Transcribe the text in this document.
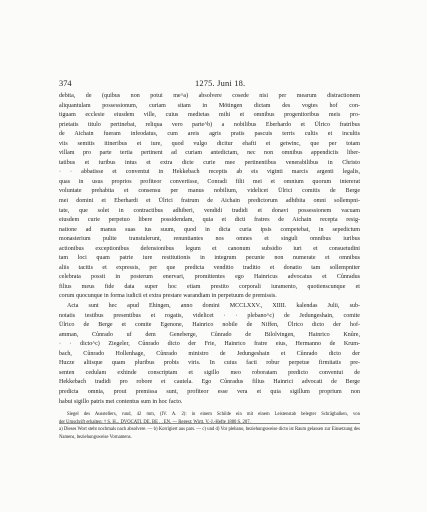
374	1275. Juni 18.
debita, de (quibus non potui me^a) absolvere cosede nisi per mearum distractionem
aliquantulam possessionum, curiam sitam in Mötingen dictam des vogtes hof con-
tiguam ecclesie eiusdem ville, cuius medietas mihi et omnibus progenitoribus meis pro-
prietatis titulo pertinebat, reliqua vero parte^b) a nobilibus Eberhardo et Ülrico fratribus
de Aichain fueram infeodatus, cum areis agris pratis pascuis terris cultis et incultis
viis semitis itineribus et iure, quod vulgo dicitur ehafti et getwinc, que per totam
villam pro parte tertia pertinent ad curiam antedictam, nec non omnibus appendiciis liber-
tatibus et iuribus intus et extra dicte curie mee pertinentibus venerabilibus in Christo
· · abbatisse et conventui in Hekkebach receptis ab eis viginti marcis argenti legalis,
quas in usus proprios profiteor convertisse, Conradi filii mei et omnium quorum intererat
voluntate prehabita et consensu per manus nobilium, videlicet Ülrici comitis de Berge
mei domini et Eberhardi et Ülrici fratrum de Aichain predictorum adhibita omni sollempni-
tate, que solet in contractibus adhiberi, vendidi tradidi et donavi possessionem vacuam
eiusdem curie perpetuo libere possidendam, quia et dicti fratres de Aichain recepta resig-
natione ad manus suas ius suum, quod in dicta curia ipsis competebat, in sepedictum
monasterium pulite transtulerunt, renuntiantes nos omnes et singuli omnibus iuribus
actionibus exceptionibus defensionibus legum et canonum subsidio iuri et consuetudini
tam loci quam patrie iure restitutionis in integrum pecunie non numerate et omnibus
aliis tacitis et expressis, per que predicta venditio traditio et donatio tam sollempniter
celebrata possit in posterum enervari, promittentes ego Hainricus advocatus et Cůnradus
filius meus fide data super hoc etiam prestito corporali iuramento, quotienscunque et
corum quocunque in forma iudicii et extra prestare warandiam in perpetuum de premissis.
Acta sunt hec apud Ehingen, anno domini MCCLXXV., XIIII. kalendas Julii, sub-
notatis testibus presentibus et rogatis, videlicet · · plebano^c) de Jedungeshain, comite
Ülrico de Berge et comite Egenone, Hainrico nobile de Niffen, Ülrico dicto der hof-
amman, Cůnrado uf dem Geneberge, Cůnrado de Bilolvingen, Hainrico Knůre,
· · dicto^c) Ziegeler, Cůnrado dicto der Frie, Hainrico fratre eius, Hermanno de Krum-
bach, Cůnrado Hollenhage, Cůnrado ministro de Jedungeshain et Cůnrado dicto der
Huzze aliisque quam pluribus probis viris. In cuius facti robur perpetue firmitatis pre-
senten cedulam exhinde conscriptam et sigillo meo roboratam predicto conventui de
Hekkebach tradidi pro robore et cautela. Ego Cůnradus filius Hainrici advocati de Berge
predicta omnia, prout premissa sunt, profiteor esse vera et quia sigillum proprium non
habui sigillo patris mei contentus sum in hoc facto.
Siegel des Ausstellers, rund, 42 mm, (IV. A. 2): in einem Schilde ein mit einem Leistenstab belegter Schrägbalken, von
der Umschrift erhalten: † S. H... DVOCATI. DE. BE . . EN. — Regest: Wirtt. V.-J.-Hefte 1880 S. 207.
a) Dieses Wort steht nochmals nach absolvere. — b) Korrigiert aus pars. — c) und d) Vor plebano, beziehungsweise dicto ist Raum gelassen zur Einsetzung des Namens, beziehungsweise Vornamens.
